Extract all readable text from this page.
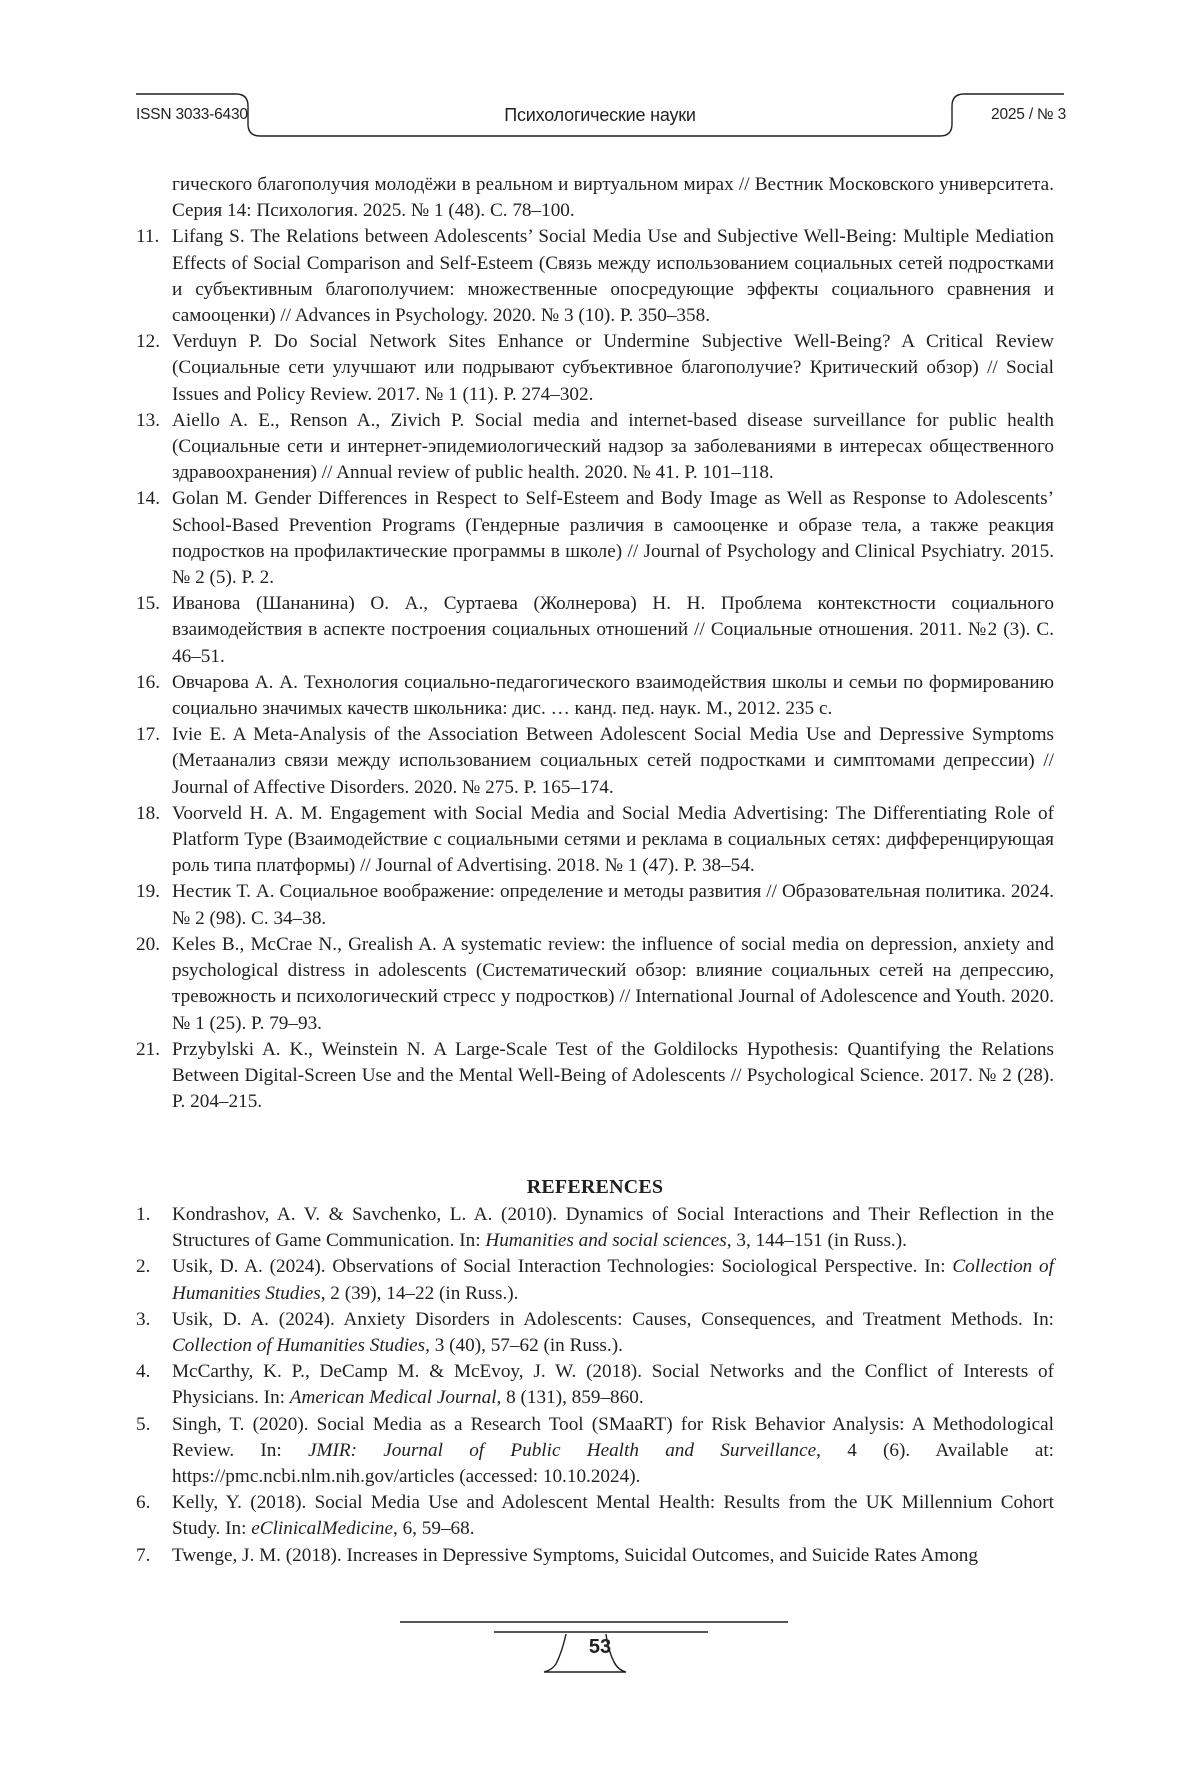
ISSN 3033-6430	Психологические науки	2025 / № 3
гического благополучия молодёжи в реальном и виртуальном мирах // Вестник Московского университета. Серия 14: Психология. 2025. № 1 (48). С. 78–100.
11. Lifang S. The Relations between Adolescents’ Social Media Use and Subjective Well-Being: Multiple Mediation Effects of Social Comparison and Self-Esteem (Связь между использованием социальных сетей подростками и субъективным благополучием: множественные опосредующие эффекты социального сравнения и самооценки) // Advances in Psychology. 2020. № 3 (10). P. 350–358.
12. Verduyn P. Do Social Network Sites Enhance or Undermine Subjective Well-Being? A Critical Review (Социальные сети улучшают или подрывают субъективное благополучие? Критический обзор) // Social Issues and Policy Review. 2017. № 1 (11). P. 274–302.
13. Aiello A. E., Renson A., Zivich P. Social media and internet-based disease surveillance for public health (Социальные сети и интернет-эпидемиологический надзор за заболеваниями в интересах общественного здравоохранения) // Annual review of public health. 2020. № 41. P. 101–118.
14. Golan M. Gender Differences in Respect to Self-Esteem and Body Image as Well as Response to Adolescents’ School-Based Prevention Programs (Гендерные различия в самооценке и образе тела, а также реакция подростков на профилактические программы в школе) // Journal of Psychology and Clinical Psychiatry. 2015. № 2 (5). P. 2.
15. Иванова (Шананина) О. А., Суртаева (Жолнерова) Н. Н. Проблема контекстности социального взаимодействия в аспекте построения социальных отношений // Социальные отношения. 2011. №2 (3). С. 46–51.
16. Овчарова А. А. Технология социально-педагогического взаимодействия школы и семьи по формированию социально значимых качеств школьника: дис. … канд. пед. наук. М., 2012. 235 с.
17. Ivie E. A Meta-Analysis of the Association Between Adolescent Social Media Use and Depressive Symptoms (Метаанализ связи между использованием социальных сетей подростками и симптомами депрессии) // Journal of Affective Disorders. 2020. № 275. P. 165–174.
18. Voorveld H. A. M. Engagement with Social Media and Social Media Advertising: The Differentiating Role of Platform Type (Взаимодействие с социальными сетями и реклама в социальных сетях: дифференцирующая роль типа платформы) // Journal of Advertising. 2018. № 1 (47). P. 38–54.
19. Нестик Т. А. Социальное воображение: определение и методы развития // Образовательная политика. 2024. № 2 (98). С. 34–38.
20. Keles B., McCrae N., Grealish A. A systematic review: the influence of social media on depression, anxiety and psychological distress in adolescents (Систематический обзор: влияние социальных сетей на депрессию, тревожность и психологический стресс у подростков) // International Journal of Adolescence and Youth. 2020. № 1 (25). P. 79–93.
21. Przybylski A. K., Weinstein N. A Large-Scale Test of the Goldilocks Hypothesis: Quantifying the Relations Between Digital-Screen Use and the Mental Well-Being of Adolescents // Psychological Science. 2017. № 2 (28). P. 204–215.
REFERENCES
1.	Kondrashov, A. V. & Savchenko, L. A. (2010). Dynamics of Social Interactions and Their Reflection in the Structures of Game Communication. In: Humanities and social sciences, 3, 144–151 (in Russ.).
2.	Usik, D. A. (2024). Observations of Social Interaction Technologies: Sociological Perspective. In: Collection of Humanities Studies, 2 (39), 14–22 (in Russ.).
3.	Usik, D. A. (2024). Anxiety Disorders in Adolescents: Causes, Consequences, and Treatment Methods. In: Collection of Humanities Studies, 3 (40), 57–62 (in Russ.).
4.	McCarthy, K. P., DeCamp M. & McEvoy, J. W. (2018). Social Networks and the Conflict of Interests of Physicians. In: American Medical Journal, 8 (131), 859–860.
5.	Singh, T. (2020). Social Media as a Research Tool (SMaaRT) for Risk Behavior Analysis: A Methodological Review. In: JMIR: Journal of Public Health and Surveillance, 4 (6). Available at: https://pmc.ncbi.nlm.nih.gov/articles (accessed: 10.10.2024).
6.	Kelly, Y. (2018). Social Media Use and Adolescent Mental Health: Results from the UK Millennium Cohort Study. In: eClinicalMedicine, 6, 59–68.
7.	Twenge, J. M. (2018). Increases in Depressive Symptoms, Suicidal Outcomes, and Suicide Rates Among
53
